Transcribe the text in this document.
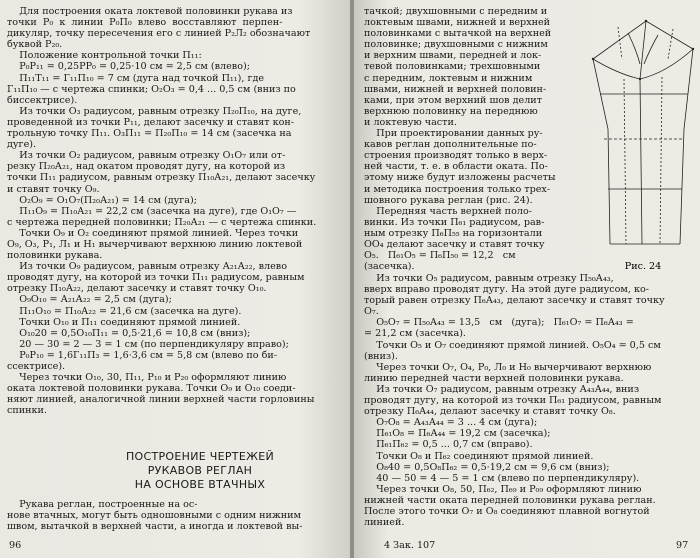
Для построения оката локтевой половинки рукава из
точки  Р₀  к  линии  Р₀П₀  влево  восставляют  перпен-
дикуляр, точку пересечения его с линией Р₂Л₂ обозначают
буквой Р₂₀.
Положение контрольной точки П₁₁:
Р₀Р₁₁ = 0,25РР₀ = 0,25·10 см = 2,5 см (влево);
П₁₁Т₁₁ = Г₁₁П₁₀ = 7 см (дуга над точкой П₁₁), где
Г₁₁П₁₀ — с чертежа спинки; О₂О₃ = 0,4 ... 0,5 см (вниз по
биссектрисе).
Из точки О₃ радиусом, равным отрезку П₂₀П₁₀, на дуге,
проведенной из точки Р₁₁, делают засечку и ставят кон-
трольную точку П₁₁. О₃П₁₁ = П₂₀П₁₀ = 14 см (засечка на
дуге).
Из точки О₂ радиусом, равным отрезку О₁О₇ или от-
резку П₂₀А₂₁, над окатом проводят дугу, на которой из
точки П₁₁ радиусом, равным отрезку П₁₀А₂₁, делают засечку
и ставят точку О₉.
О₂О₉ = О₁О₇(П₂₀А₂₁) = 14 см (дуга);
П₁₁О₉ = П₁₀А₂₁ = 22,2 см (засечка на дуге), где О₁О₇ —
с чертежа передней половинки; П₂₀А₂₁ — с чертежа спинки.
Точки О₉ и О₂ соединяют прямой линией. Через точки
О₉, О₃, Р₁, Л₁ и Н₁ вычерчивают верхнюю линию локтевой
половинки рукава.
Из точки О₉ радиусом, равным отрезку А₂₁А₂₂, влево
проводят дугу, на которой из точки П₁₁ радиусом, равным
отрезку П₁₀А₂₂, делают засечку и ставят точку О₁₀.
О₉О₁₀ = А₂₁А₂₂ = 2,5 см (дуга);
П₁₁О₁₀ = П₁₀А₂₂ = 21,6 см (засечка на дуге).
Точки О₁₀ и П₁₁ соединяют прямой линией.
О₁₀20 = 0,5О₁₀П₁₁ = 0,5·21,6 = 10,8 см (вниз);
20 — 30 = 2 — 3 = 1 см (по перпендикуляру вправо);
Р₀Р₁₀ = 1,6Г₁₁П₃ = 1,6·3,6 см = 5,8 см (влево по би-
ссектрисе).
Через точки О₁₀, 30, П₁₁, Р₁₀ и Р₂₀ оформляют линию
оката локтевой половинки рукава. Точки О₉ и О₁₀ соеди-
няют линией, аналогичной линии верхней части горловины
спинки.
ПОСТРОЕНИЕ ЧЕРТЕЖЕЙ
РУКАВОВ РЕГЛАН
НА ОСНОВЕ ВТАЧНЫХ
Рукава реглан, построенные на ос-
нове втачных, могут быть одношовными с одним нижним
швом, вытачкой в верхней части, а иногда и локтевой вы-
96
тачкой; двухшовными с передним и
локтевым швами, нижней и верхней
половинками с вытачкой на верхней
половинке; двухшовными с нижним
и верхним швами, передней и лок-
тевой половинками; трехшовными
с передним, локтевым и нижним
швами, нижней и верхней половин-
ками, при этом верхний шов делит
верхнюю половинку на переднюю
и локтевую части.
При проектировании данных ру-
кавов реглан дополнительные по-
строения производят только в верх-
ней части, т. е. в области оката. По-
этому ниже будут изложены расчеты
и методика построения только трех-
шовного рукава реглан (рис. 24).
Передняя часть верхней поло-
винки. Из точки П₆₁ радиусом, рав-
ным отрезку П₆П₅₅ на горизонтали
ОО₄ делают засечку и ставят точку
О₅.   П₆₁О₅ = П₆П₅₀ = 12,2   см
(засечка).
Из точки О₅ радиусом, равным отрезку П₅₀А₄₃,
вверх вправо проводят дугу. На этой дуге радиусом, ко-
торый равен отрезку П₆А₄₃, делают засечку и ставят точку
О₇.
О₅О₇ = П₅₀А₄₃ = 13,5   см   (дуга);   П₆₁О₇ = П₆А₄₃ =
= 21,2 см (засечка).
Точки О₅ и О₇ соединяют прямой линией. О₅О₄ = 0,5 см
(вниз).
Через точки О₇, О₄, Р₀, Л₀ и Н₀ вычерчивают верхнюю
линию передней части верхней половинки рукава.
Из точки О₇ радиусом, равным отрезку А₄₃А₄₄, вниз
проводят дугу, на которой из точки П₆₁ радиусом, равным
отрезку П₆А₄₄, делают засечку и ставят точку О₈.
О₇О₈ = А₄₃А₄₄ = 3 ... 4 см (дуга);
П₆₁О₈ = П₆А₄₄ = 19,2 см (засечка);
П₆₁П₆₂ = 0,5 ... 0,7 см (вправо).
Точки О₈ и П₆₂ соединяют прямой линией.
О₈40 = 0,5О₈П₆₂ = 0,5·19,2 см = 9,6 см (вниз);
40 — 50 = 4 — 5 = 1 см (влево по перпендикуляру).
Через точки О₈, 50, П₆₂, П₆₉ и Р₀₉ оформляют линию
нижней части оката передней половинки рукава реглан.
После этого точки О₇ и О₈ соединяют плавной вогнутой
линией.
4 Зак. 107	97
Рис. 24
